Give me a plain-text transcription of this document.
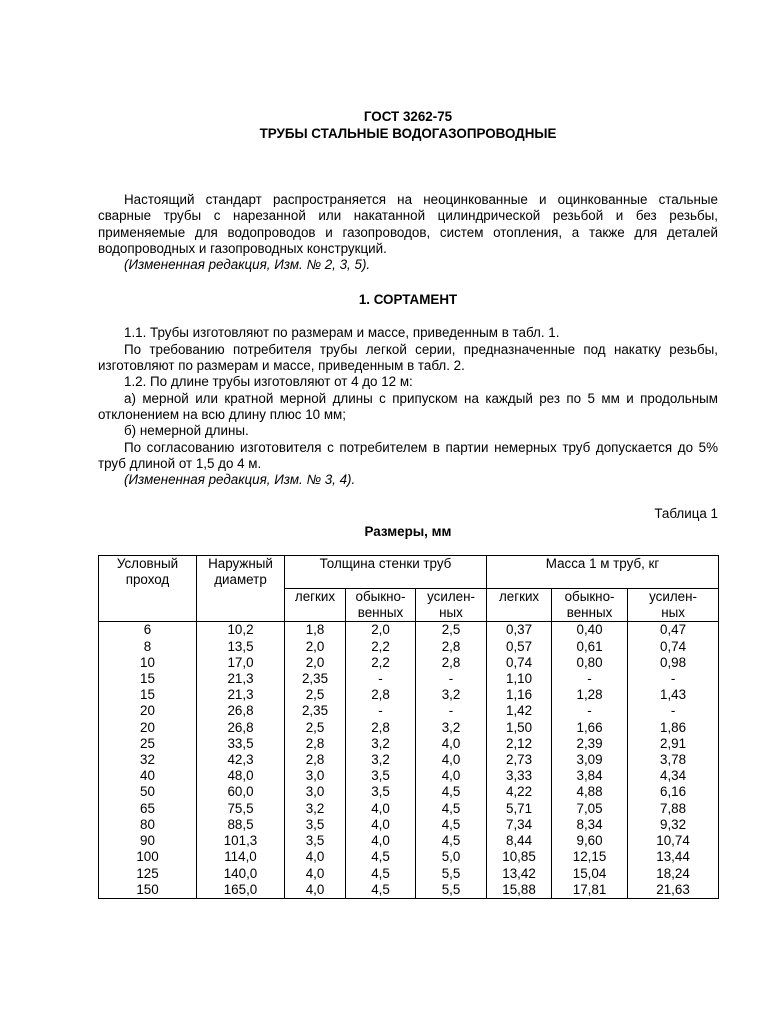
ГОСТ 3262-75
ТРУБЫ СТАЛЬНЫЕ ВОДОГАЗОПРОВОДНЫЕ

Настоящий стандарт распространяется на неоцинкованные и оцинкованные стальные сварные трубы с нарезанной или накатанной цилиндрической резьбой и без резьбы, применяемые для водопроводов и газопроводов, систем отопления, а также для деталей водопроводных и газопроводных конструкций.

(Измененная редакция, Изм. № 2, 3, 5).

1. СОРТАМЕНТ

1.1. Трубы изготовляют по размерам и массе, приведенным в табл. 1.

По требованию потребителя трубы легкой серии, предназначенные под накатку резьбы, изготовляют по размерам и массе, приведенным в табл. 2.

1.2. По длине трубы изготовляют от 4 до 12 м:

а) мерной или кратной мерной длины с припуском на каждый рез по 5 мм и продольным отклонением на всю длину плюс 10 мм;

б) немерной длины.

По согласованию изготовителя с потребителем в партии немерных труб допускается до 5% труб длиной от 1,5 до 4 м.

(Измененная редакция, Изм. № 3, 4).

Таблица 1
Размеры, мм
Условный проход	Наружный диаметр	Толщина стенки труб			Масса 1 м труб, кг		
		легких	обыкно-венных	усилен-ных	легких	обыкно-венных	усилен-ных
6	10,2	1,8	2,0	2,5	0,37	0,40	0,47
8	13,5	2,0	2,2	2,8	0,57	0,61	0,74
10	17,0	2,0	2,2	2,8	0,74	0,80	0,98
15	21,3	2,35	-	-	1,10	-	-
15	21,3	2,5	2,8	3,2	1,16	1,28	1,43
20	26,8	2,35	-	-	1,42	-	-
20	26,8	2,5	2,8	3,2	1,50	1,66	1,86
25	33,5	2,8	3,2	4,0	2,12	2,39	2,91
32	42,3	2,8	3,2	4,0	2,73	3,09	3,78
40	48,0	3,0	3,5	4,0	3,33	3,84	4,34
50	60,0	3,0	3,5	4,5	4,22	4,88	6,16
65	75,5	3,2	4,0	4,5	5,71	7,05	7,88
80	88,5	3,5	4,0	4,5	7,34	8,34	9,32
90	101,3	3,5	4,0	4,5	8,44	9,60	10,74
100	114,0	4,0	4,5	5,0	10,85	12,15	13,44
125	140,0	4,0	4,5	5,5	13,42	15,04	18,24
150	165,0	4,0	4,5	5,5	15,88	17,81	21,63
